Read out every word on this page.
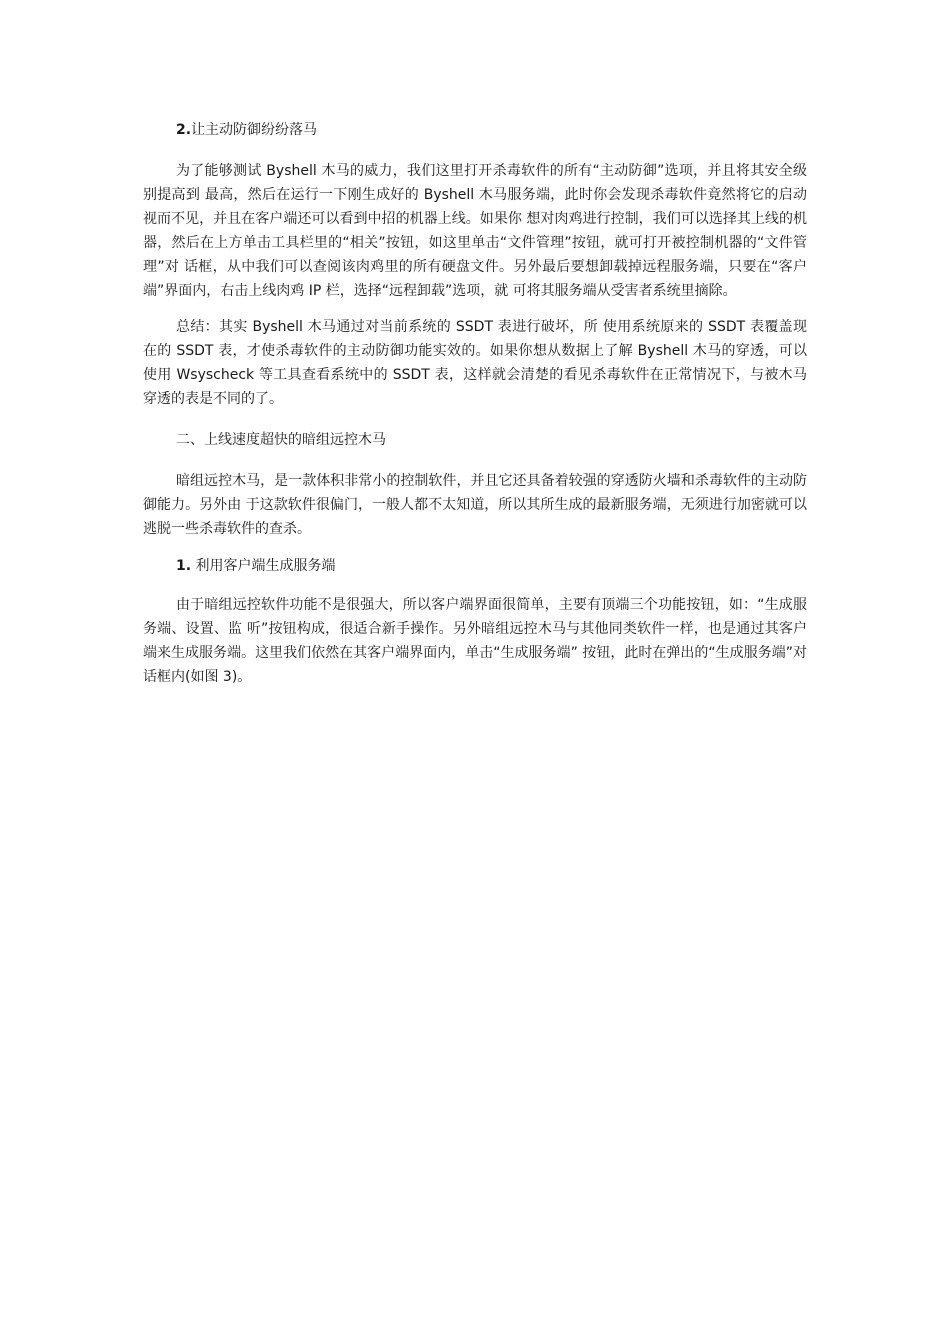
2.让主动防御纷纷落马

为了能够测试 Byshell 木马的威力，我们这里打开杀毒软件的所有“主动防御”选项，并且将其安全级别提高到 最高，然后在运行一下刚生成好的 Byshell 木马服务端，此时你会发现杀毒软件竟然将它的启动视而不见，并且在客户端还可以看到中招的机器上线。如果你 想对肉鸡进行控制，我们可以选择其上线的机器，然后在上方单击工具栏里的“相关”按钮，如这里单击“文件管理”按钮，就可打开被控制机器的“文件管理”对 话框，从中我们可以查阅该肉鸡里的所有硬盘文件。另外最后要想卸载掉远程服务端，只要在“客户端”界面内，右击上线肉鸡 IP 栏，选择“远程卸载”选项，就 可将其服务端从受害者系统里摘除。

总结：其实 Byshell 木马通过对当前系统的 SSDT 表进行破坏，所 使用系统原来的 SSDT 表覆盖现在的 SSDT 表，才使杀毒软件的主动防御功能实效的。如果你想从数据上了解 Byshell 木马的穿透，可以使用 Wsyscheck 等工具查看系统中的 SSDT 表，这样就会清楚的看见杀毒软件在正常情况下，与被木马穿透的表是不同的了。

二、上线速度超快的暗组远控木马

暗组远控木马，是一款体积非常小的控制软件，并且它还具备着较强的穿透防火墙和杀毒软件的主动防御能力。另外由 于这款软件很偏门，一般人都不太知道，所以其所生成的最新服务端，无须进行加密就可以逃脱一些杀毒软件的查杀。

1. 利用客户端生成服务端

由于暗组远控软件功能不是很强大，所以客户端界面很简单，主要有顶端三个功能按钮，如：“生成服务端、设置、监 听”按钮构成，很适合新手操作。另外暗组远控木马与其他同类软件一样，也是通过其客户端来生成服务端。这里我们依然在其客户端界面内，单击“生成服务端” 按钮，此时在弹出的“生成服务端”对话框内(如图 3)。
